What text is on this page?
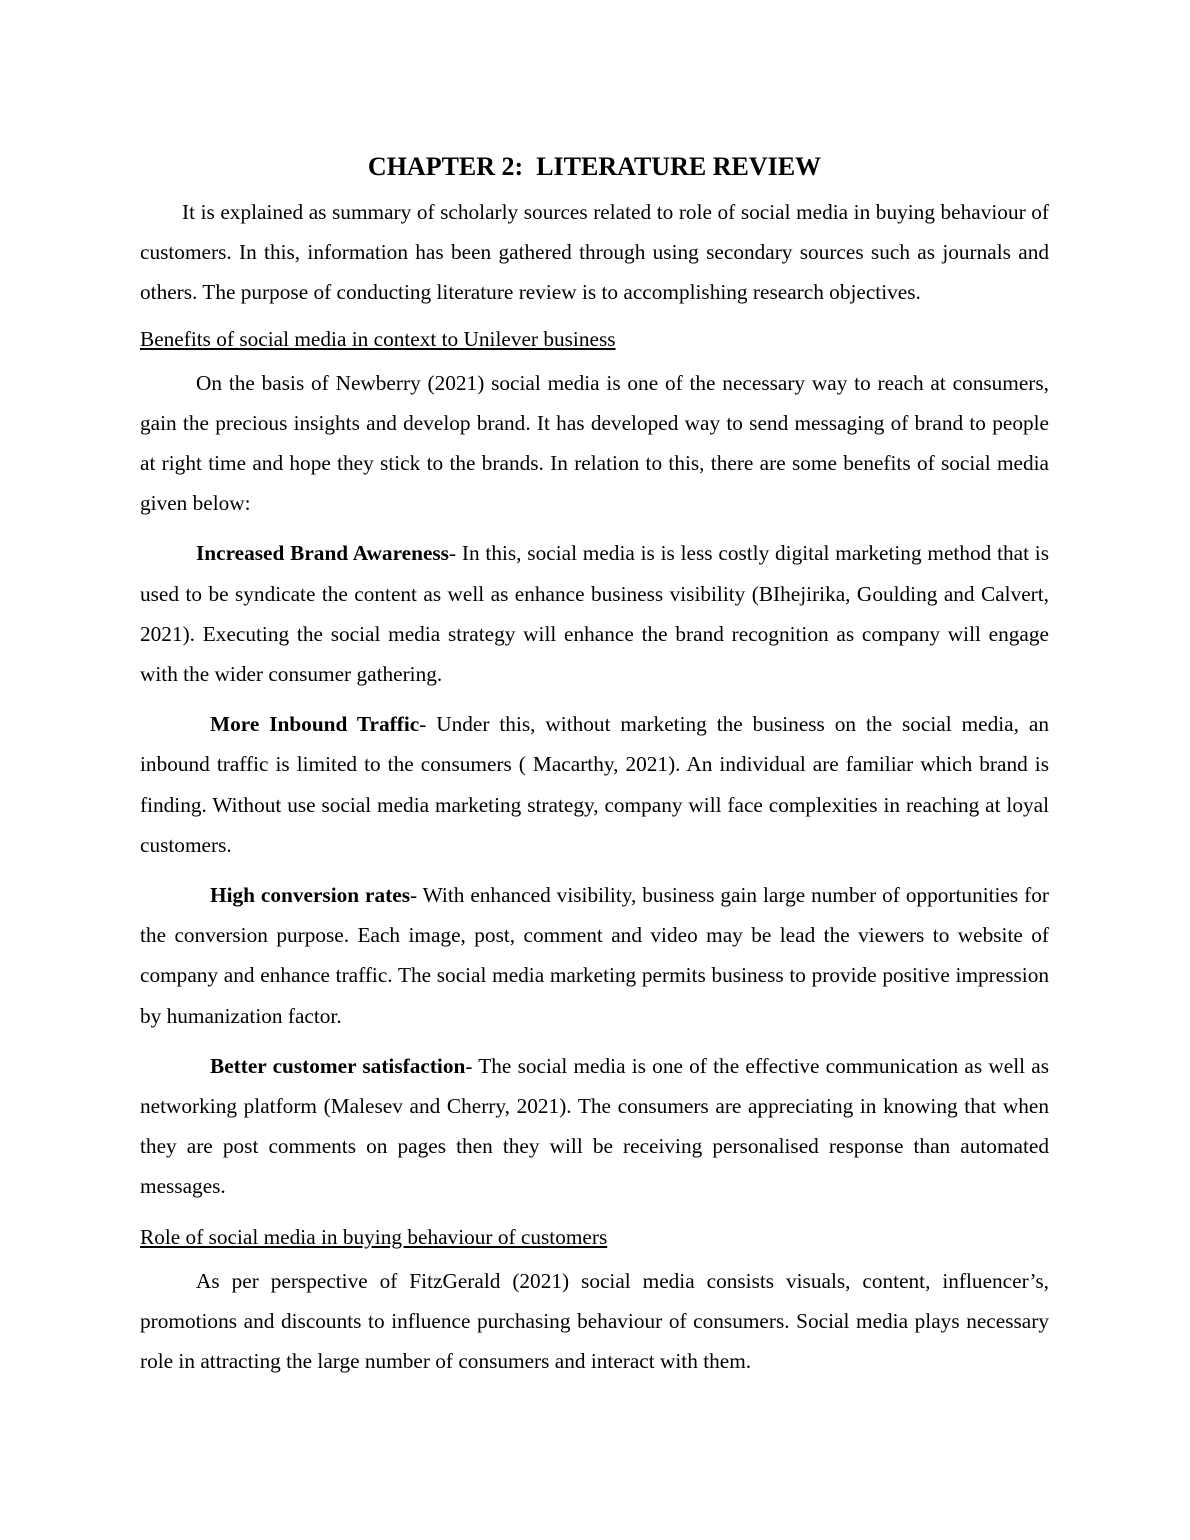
CHAPTER 2:  LITERATURE REVIEW

It is explained as summary of scholarly sources related to role of social media in buying behaviour of customers. In this, information has been gathered through using secondary sources such as journals and others. The purpose of conducting literature review is to accomplishing research objectives.

Benefits of social media in context to Unilever business

On the basis of Newberry (2021) social media is one of the necessary way to reach at consumers, gain the precious insights and develop brand. It has developed way to send messaging of brand to people at right time and hope they stick to the brands. In relation to this, there are some benefits of social media given below:

Increased Brand Awareness- In this, social media is is less costly digital marketing method that is used to be syndicate the content as well as enhance business visibility (BIhejirika, Goulding and Calvert, 2021). Executing the social media strategy will enhance the brand recognition as company will engage with the wider consumer gathering.

More Inbound Traffic- Under this, without marketing the business on the social media, an inbound traffic is limited to the consumers ( Macarthy, 2021). An individual are familiar which brand is finding. Without use social media marketing strategy, company will face complexities in reaching at loyal customers.

High conversion rates- With enhanced visibility, business gain large number of opportunities for the conversion purpose. Each image, post, comment and video may be lead the viewers to website of company and enhance traffic. The social media marketing permits business to provide positive impression by humanization factor.

Better customer satisfaction- The social media is one of the effective communication as well as networking platform (Malesev and Cherry, 2021). The consumers are appreciating in knowing that when they are post comments on pages then they will be receiving personalised response than automated messages.

Role of social media in buying behaviour of customers

As per perspective of FitzGerald (2021) social media consists visuals, content, influencer’s, promotions and discounts to influence purchasing behaviour of consumers. Social media plays necessary role in attracting the large number of consumers and interact with them.
